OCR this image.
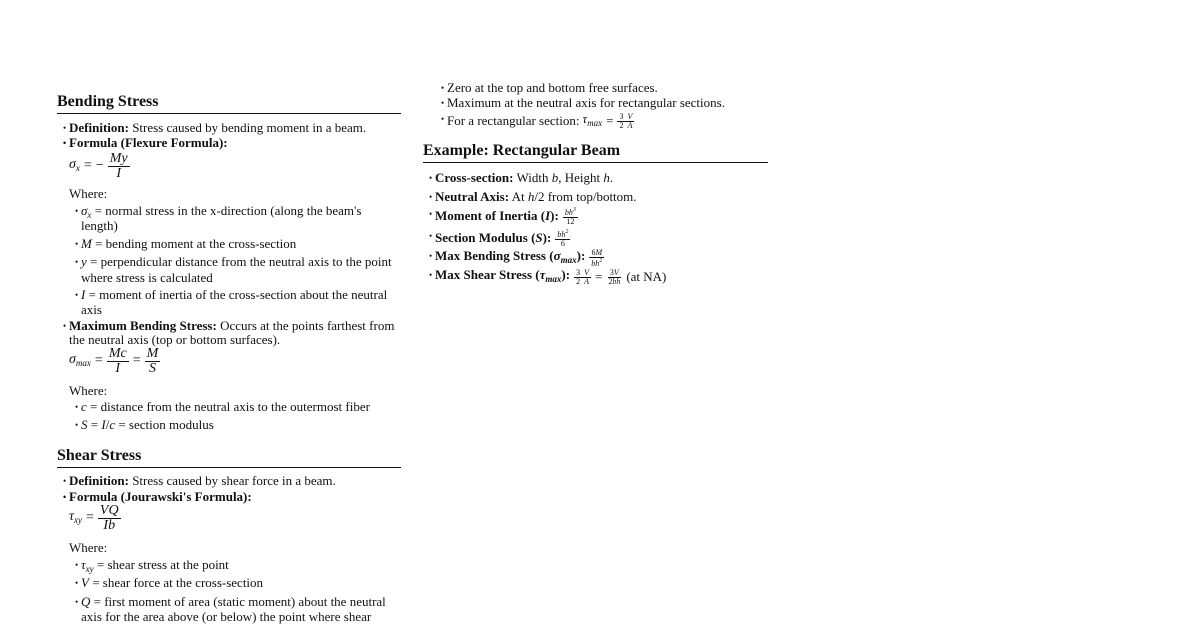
Bending Stress
• Definition: Stress caused by bending moment in a beam.
• Formula (Flexure Formula):
$\sigma_x$ = − $\frac{My}{I}$
Where:
• $\sigma_x$ = normal stress in the x-direction (along the beam's
length)
• M = bending moment at the cross-section
• y = perpendicular distance from the neutral axis to the point
where stress is calculated
• I = moment of inertia of the cross-section about the neutral
axis
• Maximum Bending Stress: Occurs at the points farthest from
the neutral axis (top or bottom surfaces).
$\sigma_{max} = \frac{Mc}{I} = \frac{M}{S}$
Where:
• c = distance from the neutral axis to the outermost fiber
• S = I/c = section modulus
Shear Stress
• Definition: Stress caused by shear force in a beam.
• Formula (Jourawski's Formula):
$\tau_{xy} = \frac{VQ}{Ib}$
Where:
• $\tau_{xy}$ = shear stress at the point
• V = shear force at the cross-section
• Q = first moment of area (static moment) about the neutral
axis for the area above (or below) the point where shear
• Zero at the top and bottom free surfaces.
• Maximum at the neutral axis for rectangular sections.
• For a rectangular section: $\tau_{max} = \frac{3}{2} \frac{V}{A}$
Example: Rectangular Beam
• Cross-section: Width b, Height h.
• Neutral Axis: At h/2 from top/bottom.
• Moment of Inertia (I): $\frac{bh^3}{12}$
• Section Modulus (S): $\frac{bh^2}{6}$
• Max Bending Stress $(\sigma_{max})$: $\frac{6M}{bh^2}$
• Max Shear Stress $(\tau_{max})$: $\frac{3}{2} \frac{V}{A} = \frac{3V}{2bh} (at$ NA)
